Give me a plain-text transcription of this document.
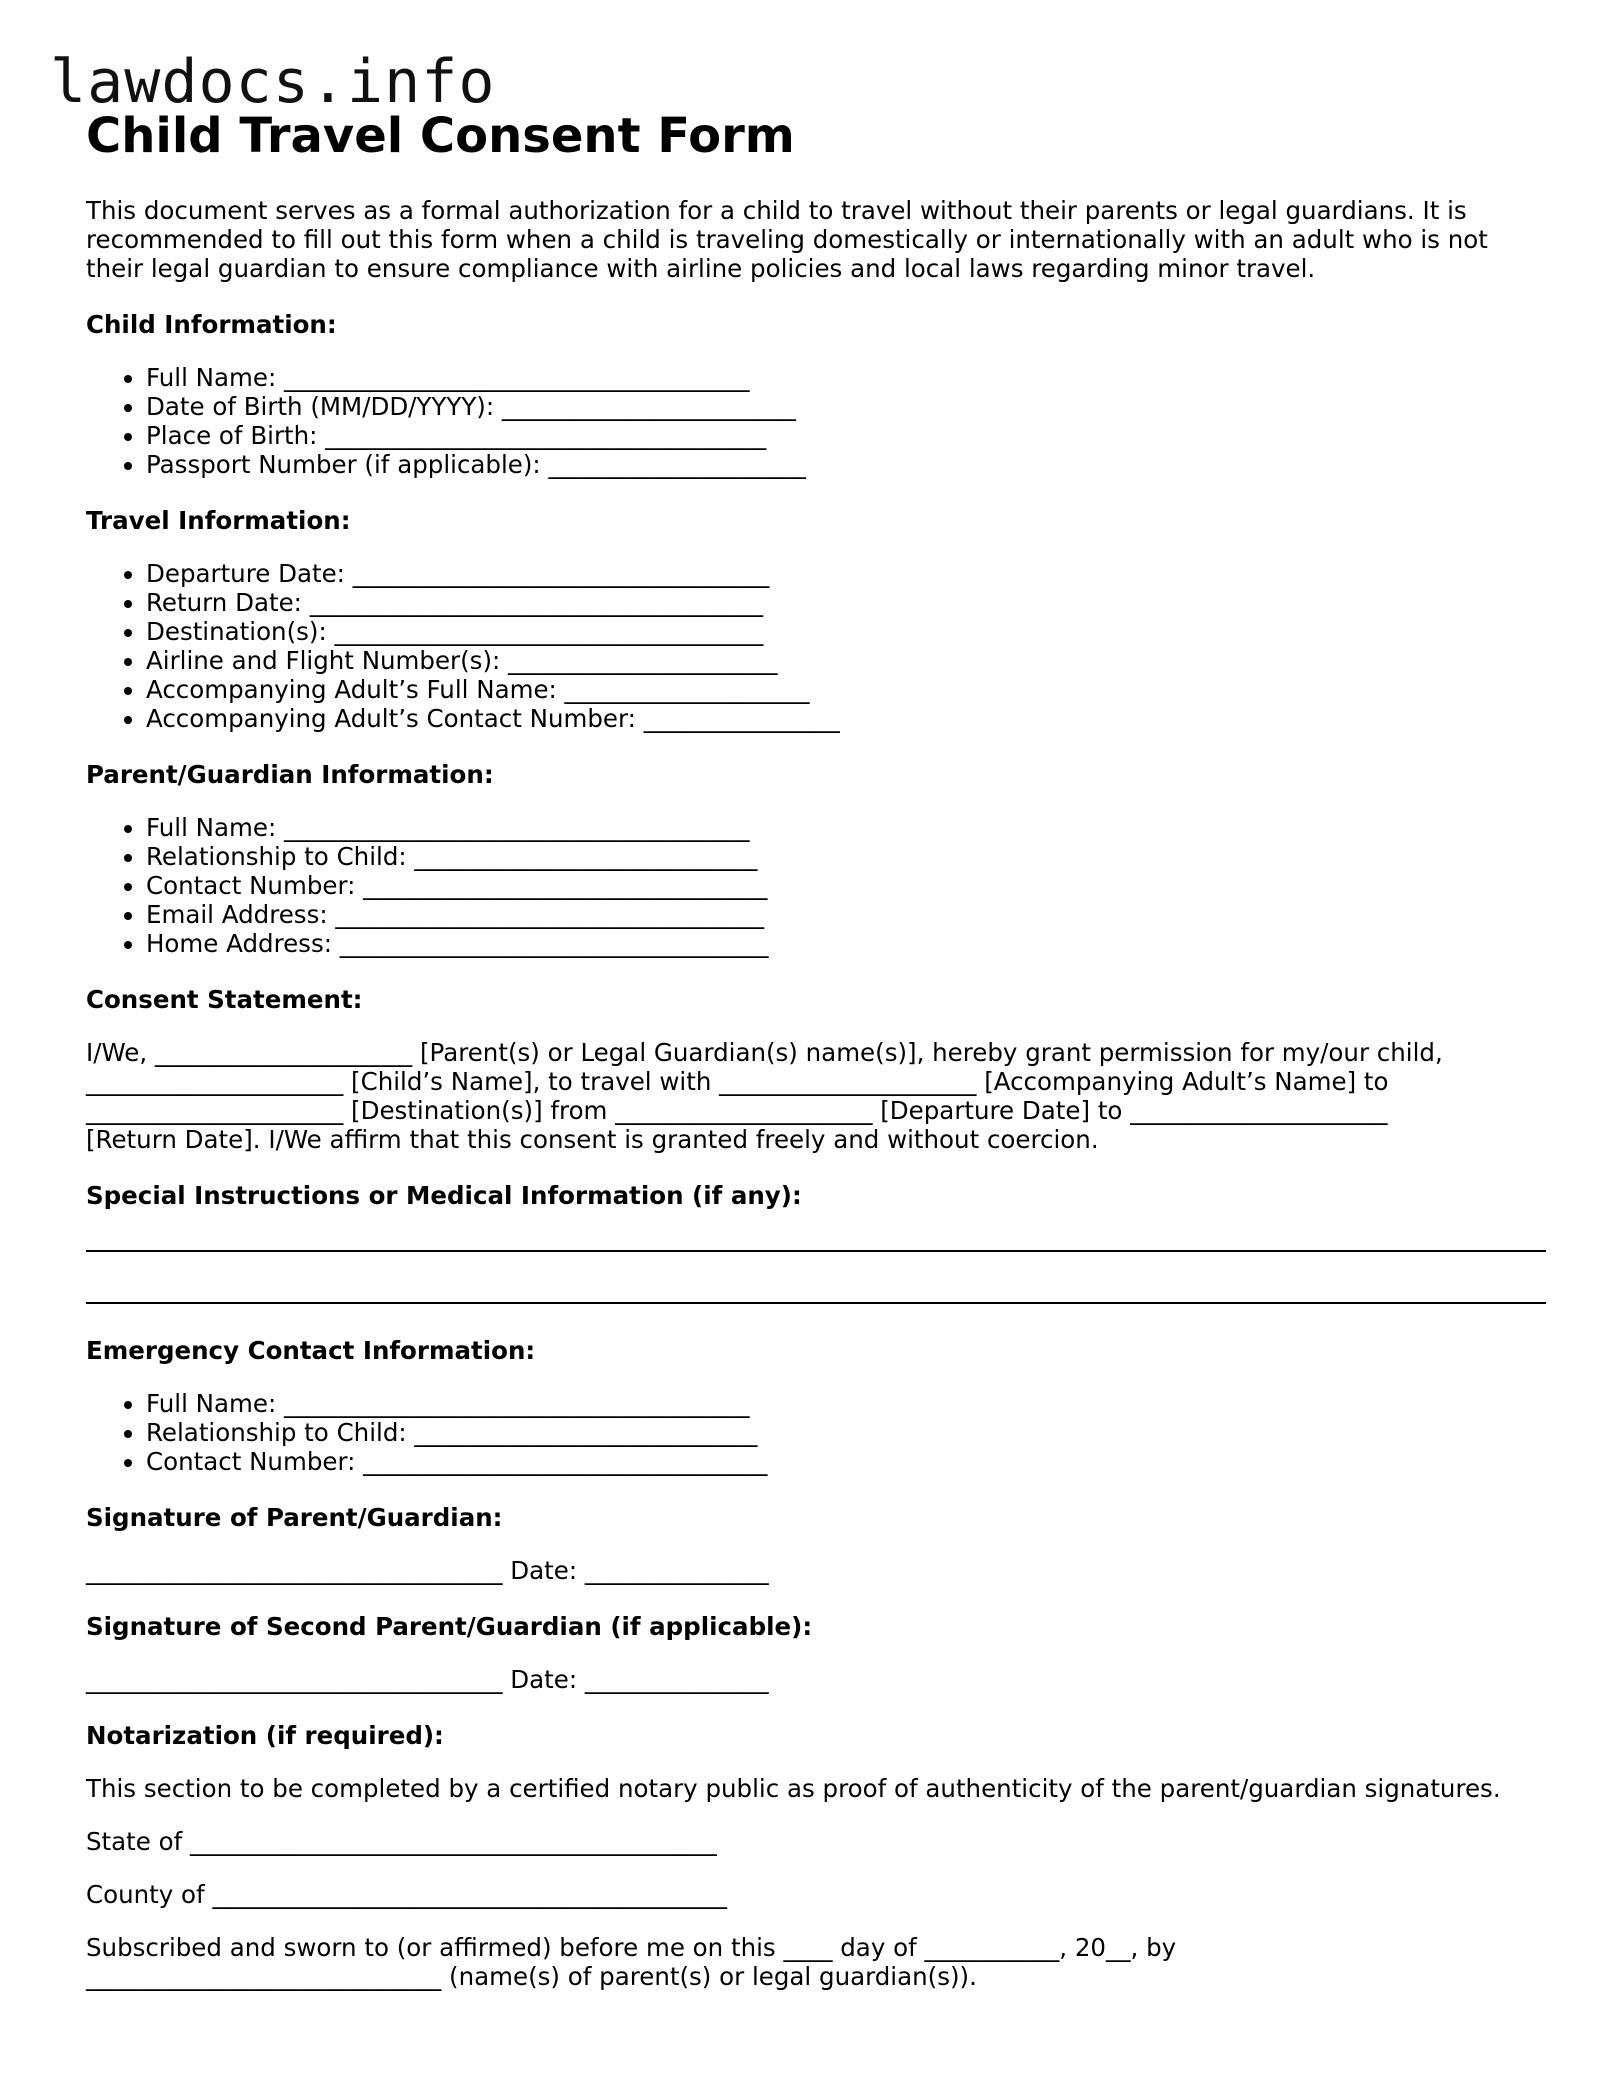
lawdocs.info
Child Travel Consent Form

This document serves as a formal authorization for a child to travel without their parents or legal guardians. It is recommended to fill out this form when a child is traveling domestically or internationally with an adult who is not their legal guardian to ensure compliance with airline policies and local laws regarding minor travel.

Child Information:
• Full Name: ______________________________________
• Date of Birth (MM/DD/YYYY): ________________________
• Place of Birth: ____________________________________
• Passport Number (if applicable): _____________________
Travel Information:
• Departure Date: __________________________________
• Return Date: _____________________________________
• Destination(s): ___________________________________
• Airline and Flight Number(s): ______________________
• Accompanying Adult’s Full Name: ____________________
• Accompanying Adult’s Contact Number: ________________
Parent/Guardian Information:
• Full Name: ______________________________________
• Relationship to Child: ____________________________
• Contact Number: _________________________________
• Email Address: ___________________________________
• Home Address: ___________________________________
Consent Statement:

I/We, _____________________ [Parent(s) or Legal Guardian(s) name(s)], hereby grant permission for my/our child,

_____________________ [Child’s Name], to travel with _____________________ [Accompanying Adult’s Name] to

_____________________ [Destination(s)] from _____________________ [Departure Date] to _____________________

[Return Date]. I/We affirm that this consent is granted freely and without coercion.

Special Instructions or Medical Information (if any):
Emergency Contact Information:
• Full Name: ______________________________________
• Relationship to Child: ____________________________
• Contact Number: _________________________________
Signature of Parent/Guardian:

__________________________________ Date: _______________

Signature of Second Parent/Guardian (if applicable):

__________________________________ Date: _______________

Notarization (if required):

This section to be completed by a certified notary public as proof of authenticity of the parent/guardian signatures.

State of ___________________________________________

County of __________________________________________

Subscribed and sworn to (or affirmed) before me on this ____ day of ___________, 20__, by

_____________________________ (name(s) of parent(s) or legal guardian(s)).
